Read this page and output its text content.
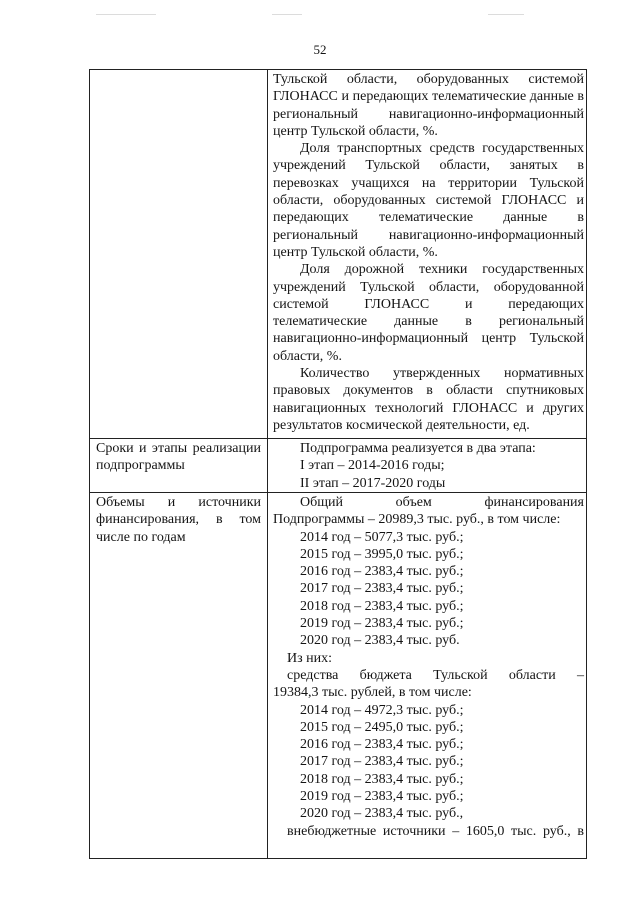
52

Тульской области, оборудованных системой ГЛОНАСС и передающих телематические данные в региональный навигационно-информационный центр Тульской области, %.

Доля транспортных средств государственных учреждений Тульской области, занятых в перевозках учащихся на территории Тульской области, оборудованных системой ГЛОНАСС и передающих телематические данные в региональный навигационно-информационный центр Тульской области, %.

Доля дорожной техники государственных учреждений Тульской области, оборудованной системой ГЛОНАСС и передающих телематические данные в региональный навигационно-информационный центр Тульской области, %.

Количество утвержденных нормативных правовых документов в области спутниковых навигационных технологий ГЛОНАСС и других результатов космической деятельности, ед.

Сроки и этапы реализации подпрограммы

Подпрограмма реализуется в два этапа:

I этап – 2014-2016 годы;

II этап – 2017-2020 годы

Объемы и источники финансирования, в том числе по годам

Общий объем финансирования

Подпрограммы – 20989,3 тыс. руб., в том числе:

2014 год – 5077,3 тыс. руб.;

2015 год – 3995,0 тыс. руб.;

2016 год – 2383,4 тыс. руб.;

2017 год – 2383,4 тыс. руб.;

2018 год – 2383,4 тыс. руб.;

2019 год – 2383,4 тыс. руб.;

2020 год – 2383,4 тыс. руб.

Из них:

средства бюджета Тульской области –

19384,3 тыс. рублей, в том числе:

2014 год – 4972,3 тыс. руб.;

2015 год – 2495,0 тыс. руб.;

2016 год – 2383,4 тыс. руб.;

2017 год – 2383,4 тыс. руб.;

2018 год – 2383,4 тыс. руб.;

2019 год – 2383,4 тыс. руб.;

2020 год – 2383,4 тыс. руб.,

внебюджетные источники – 1605,0 тыс. руб., в
